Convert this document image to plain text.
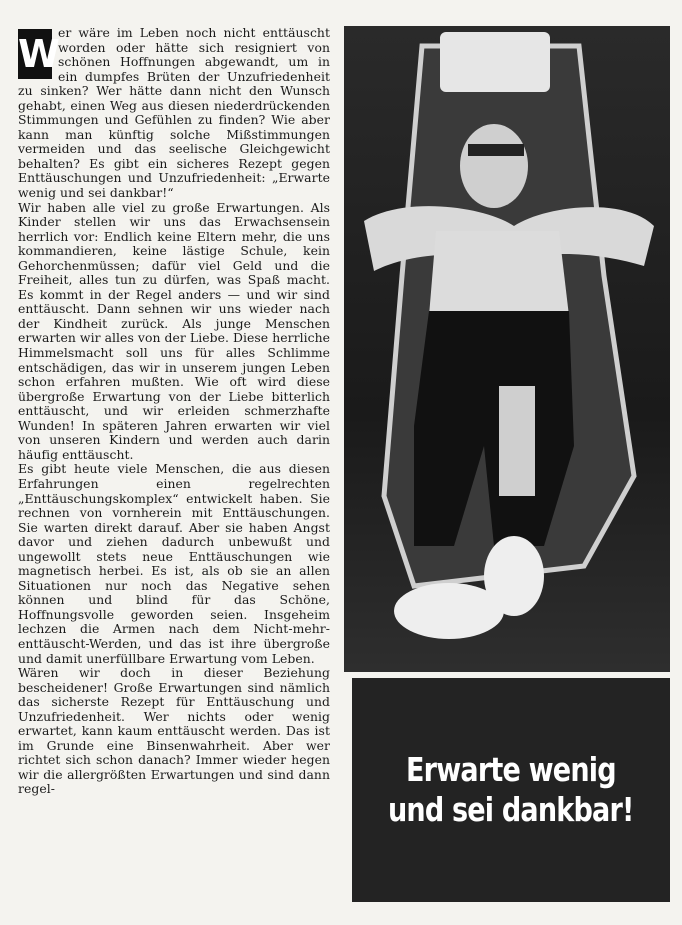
W
er wäre im Leben noch nicht enttäuscht worden oder hätte sich resigniert von schönen Hoffnungen abgewandt, um in ein dumpfes Brüten der Unzufriedenheit zu sinken? Wer hätte dann nicht den Wunsch gehabt, einen Weg aus diesen niederdrückenden Stimmungen und Gefühlen zu finden? Wie aber kann man künftig solche Mißstimmungen vermeiden und das seelische Gleichgewicht behalten? Es gibt ein sicheres Rezept gegen Enttäuschungen und Unzufriedenheit: „Erwarte wenig und sei dankbar!“

Wir haben alle viel zu große Erwartungen. Als Kinder stellen wir uns das Erwachsensein herrlich vor: Endlich keine Eltern mehr, die uns kommandieren, keine lästige Schule, kein Gehorchenmüssen; dafür viel Geld und die Freiheit, alles tun zu dürfen, was Spaß macht. Es kommt in der Regel anders — und wir sind enttäuscht. Dann sehnen wir uns wieder nach der Kindheit zurück. Als junge Menschen erwarten wir alles von der Liebe. Diese herrliche Himmelsmacht soll uns für alles Schlimme entschädigen, das wir in unserem jungen Leben schon erfahren mußten. Wie oft wird diese übergroße Erwartung von der Liebe bitterlich enttäuscht, und wir erleiden schmerzhafte Wunden! In späteren Jahren erwarten wir viel von unseren Kindern und werden auch darin häufig enttäuscht.

Es gibt heute viele Menschen, die aus diesen Erfahrungen einen regelrechten „Enttäuschungskomplex“ entwickelt haben. Sie rechnen von vornherein mit Enttäuschungen. Sie warten direkt darauf. Aber sie haben Angst davor und ziehen dadurch unbewußt und ungewollt stets neue Enttäuschungen wie magnetisch herbei. Es ist, als ob sie an allen Situationen nur noch das Negative sehen können und blind für das Schöne, Hoffnungsvolle geworden seien. Insgeheim lechzen die Armen nach dem Nicht-mehr-enttäuscht-Werden, und das ist ihre übergroße und damit unerfüllbare Erwartung vom Leben.

Wären wir doch in dieser Beziehung bescheidener! Große Erwartungen sind nämlich das sicherste Rezept für Enttäuschung und Unzufriedenheit. Wer nichts oder wenig erwartet, kann kaum enttäuscht werden. Das ist im Grunde eine Binsenwahrheit. Aber wer richtet sich schon danach? Immer wieder hegen wir die allergrößten Erwartungen und sind dann regel-	Erwarte wenig
und sei dankbar!
